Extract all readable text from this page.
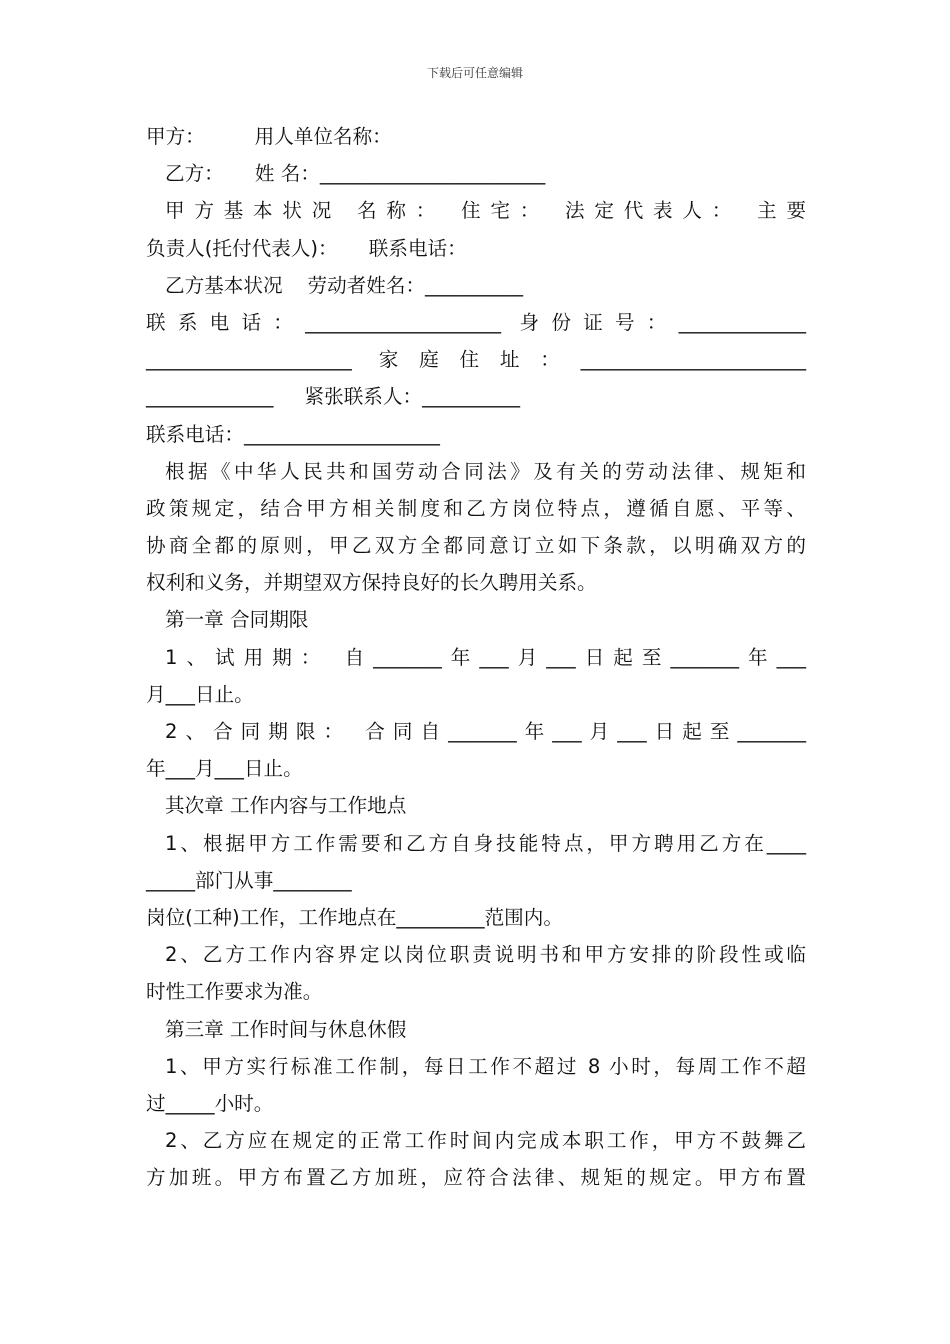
下载后可任意编辑
甲方：        用人单位名称：
乙方：     姓 名：_______________________
甲方基本状况 名称： 住宅： 法定代表人： 主要
负责人(托付代表人)：     联系电话：
乙方基本状况    劳动者姓名：__________
联系电话：____________________ 身份证号：_____________
_____________________ 家庭住址：_______________________
_____________     紧张联系人：__________
联系电话：____________________
根据《中华人民共和国劳动合同法》及有关的劳动法律、规矩和
政策规定，结合甲方相关制度和乙方岗位特点，遵循自愿、平等、
协商全都的原则，甲乙双方全都同意订立如下条款，以明确双方的
权利和义务，并期望双方保持良好的长久聘用关系。
第一章 合同期限
1、试用期： 自_______年___月___日起至_______年___
月___日止。
2、合同期限： 合同自_______年___月___日起至_______
年___月___日止。
其次章 工作内容与工作地点
1、根据甲方工作需要和乙方自身技能特点，甲方聘用乙方在____
_____部门从事________
岗位(工种)工作，工作地点在_________范围内。
2、乙方工作内容界定以岗位职责说明书和甲方安排的阶段性或临
时性工作要求为准。
第三章 工作时间与休息休假
1、甲方实行标准工作制，每日工作不超过 8 小时，每周工作不超
过_____小时。
2、乙方应在规定的正常工作时间内完成本职工作，甲方不鼓舞乙
方加班。甲方布置乙方加班，应符合法律、规矩的规定。甲方布置
